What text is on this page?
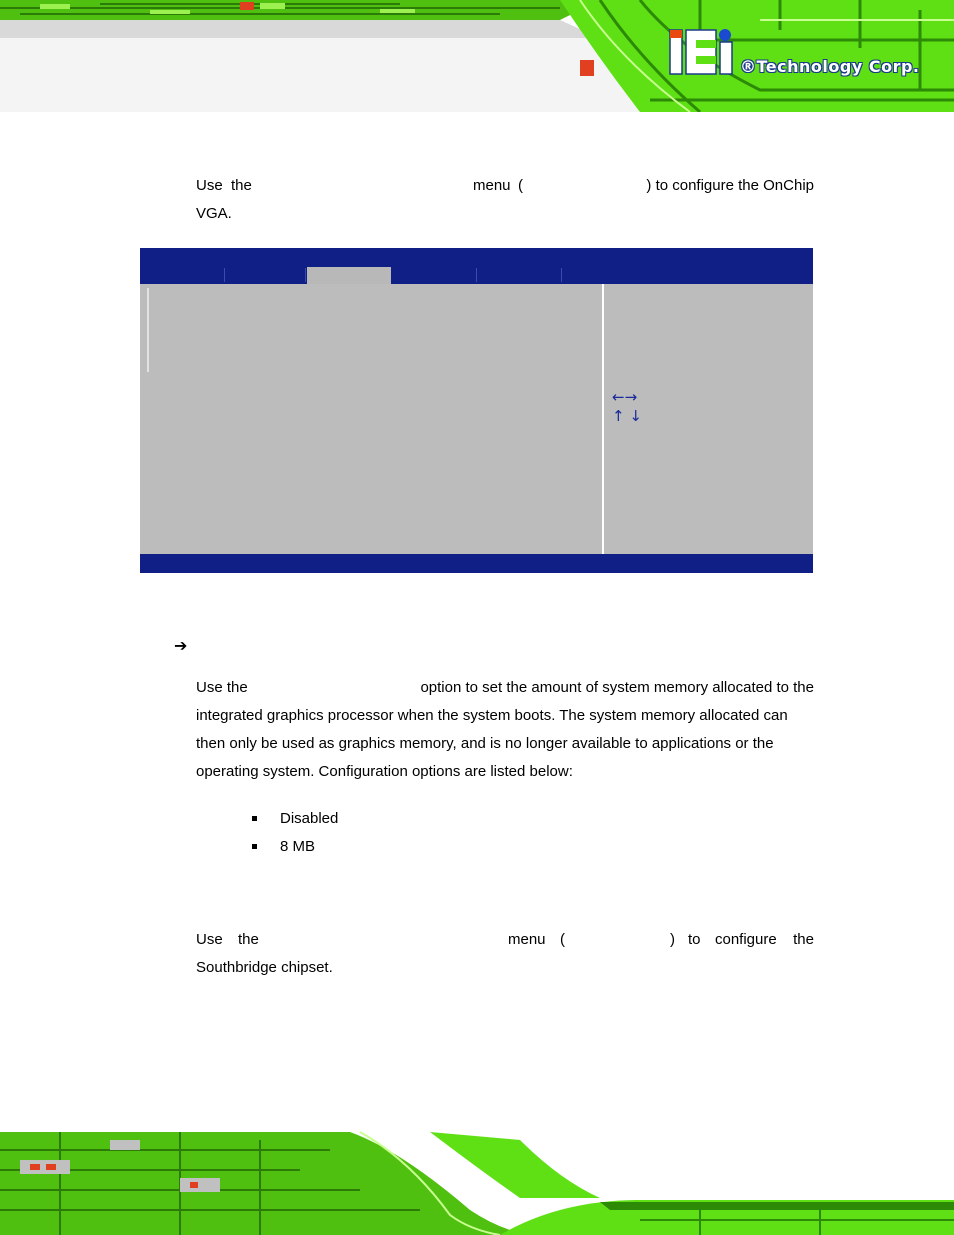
®Technology Corp.
Use the	menu (	) to configure the OnChip
VGA.
←→
↑ ↓
➔
Use the	option to set the amount of system memory allocated to the
integrated graphics processor when the system boots. The system memory allocated can
then only be used as graphics memory, and is no longer available to applications or the
operating system. Configuration options are listed below:
Disabled
8 MB
Use the	menu (	) to configure the
Southbridge chipset.
